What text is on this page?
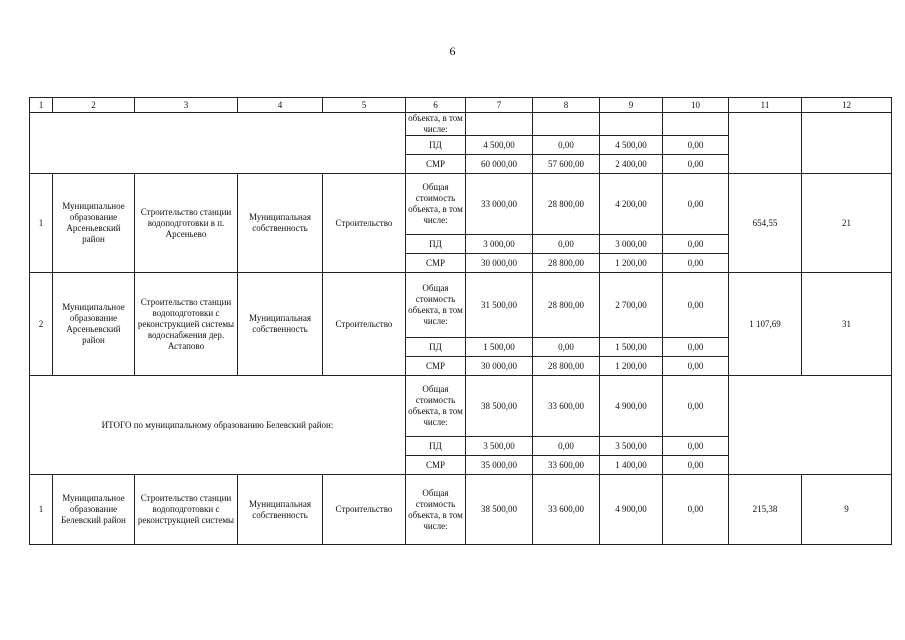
6
1	2	3	4	5	6	7	8	9	10	11	12
					объекта, в том числе:						
					ПД	4 500,00	0,00	4 500,00	0,00		
					СМР	60 000,00	57 600,00	2 400,00	0,00		
1	Муниципальное образование Арсеньевский район	Строительство станции водоподготовки в п. Арсеньево	Муниципальная собственность	Строительство	Общая стоимость объекта, в том числе:	33 000,00	28 800,00	4 200,00	0,00	654,55	21
					ПД	3 000,00	0,00	3 000,00	0,00		
					СМР	30 000,00	28 800,00	1 200,00	0,00		
2	Муниципальное образование Арсеньевский район	Строительство станции водоподготовки с реконструкцией системы водоснабжения дер. Астапово	Муниципальная собственность	Строительство	Общая стоимость объекта, в том числе:	31 500,00	28 800,00	2 700,00	0,00	1 107,69	31
					ПД	1 500,00	0,00	1 500,00	0,00		
					СМР	30 000,00	28 800,00	1 200,00	0,00		
ИТОГО по муниципальному образованию Белевский район:					Общая стоимость объекта, в том числе:	38 500,00	33 600,00	4 900,00	0,00		
					ПД	3 500,00	0,00	3 500,00	0,00		
					СМР	35 000,00	33 600,00	1 400,00	0,00		
1	Муниципальное образование Белевский район	Строительство станции водоподготовки с реконструкцией системы	Муниципальная собственность	Строительство	Общая стоимость объекта, в том числе:	38 500,00	33 600,00	4 900,00	0,00	215,38	9
